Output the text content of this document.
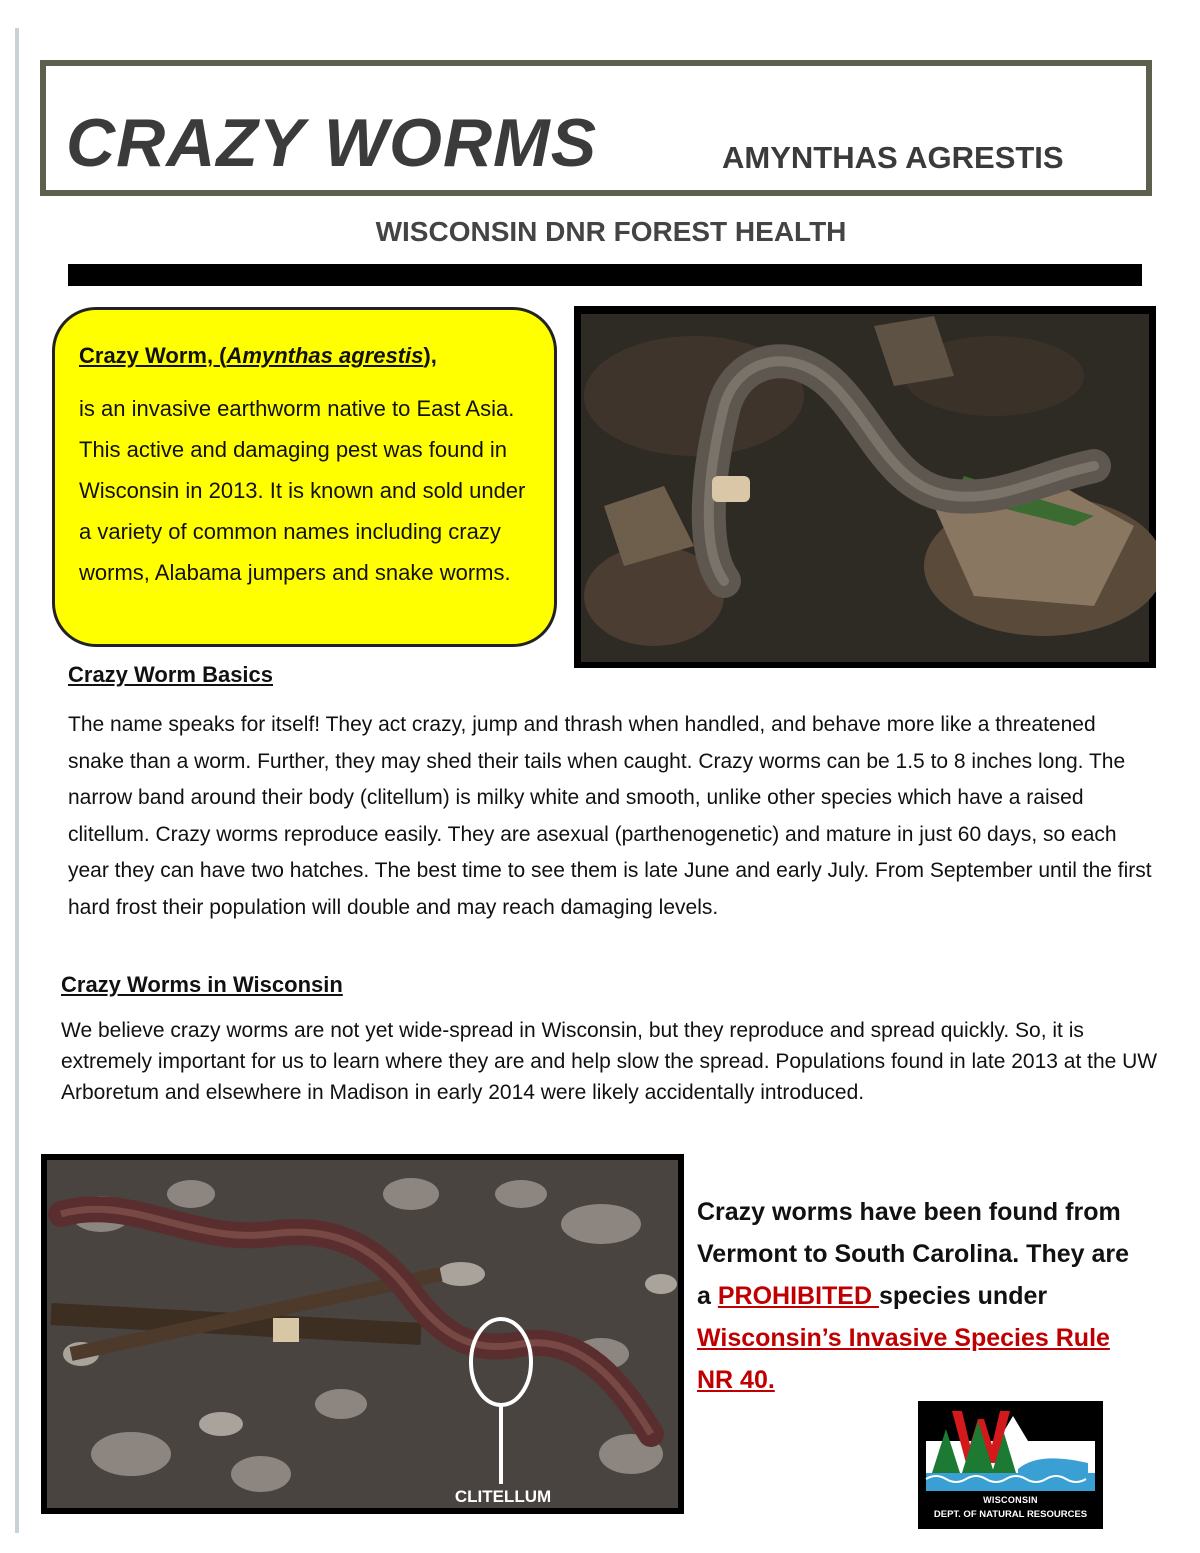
CRAZY WORMS	AMYNTHAS AGRESTIS
WISCONSIN DNR FOREST HEALTH
Crazy Worm, (Amynthas agrestis),
is an invasive earthworm native to East Asia. This active and damaging pest was found in Wisconsin in 2013. It is known and sold under a variety of common names including crazy worms, Alabama jumpers and snake worms.
Crazy Worm Basics
The name speaks for itself! They act crazy, jump and thrash when handled, and behave more like a threatened snake than a worm. Further, they may shed their tails when caught. Crazy worms can be 1.5 to 8 inches long. The narrow band around their body (clitellum) is milky white and smooth, unlike other species which have a raised clitellum. Crazy worms reproduce easily. They are asexual (parthenogenetic) and mature in just 60 days, so each year they can have two hatches. The best time to see them is late June and early July. From September until the first hard frost their population will double and may reach damaging levels.
Crazy Worms in Wisconsin
We believe crazy worms are not yet wide-spread in Wisconsin, but they reproduce and spread quickly. So, it is extremely important for us to learn where they are and help slow the spread. Populations found in late 2013 at the UW Arboretum and elsewhere in Madison in early 2014 were likely accidentally introduced.
CLITELLUM
Crazy worms have been found from Vermont to South Carolina. They are a PROHIBITED species under Wisconsin’s Invasive Species Rule NR 40.
WISCONSIN
DEPT. OF NATURAL RESOURCES
